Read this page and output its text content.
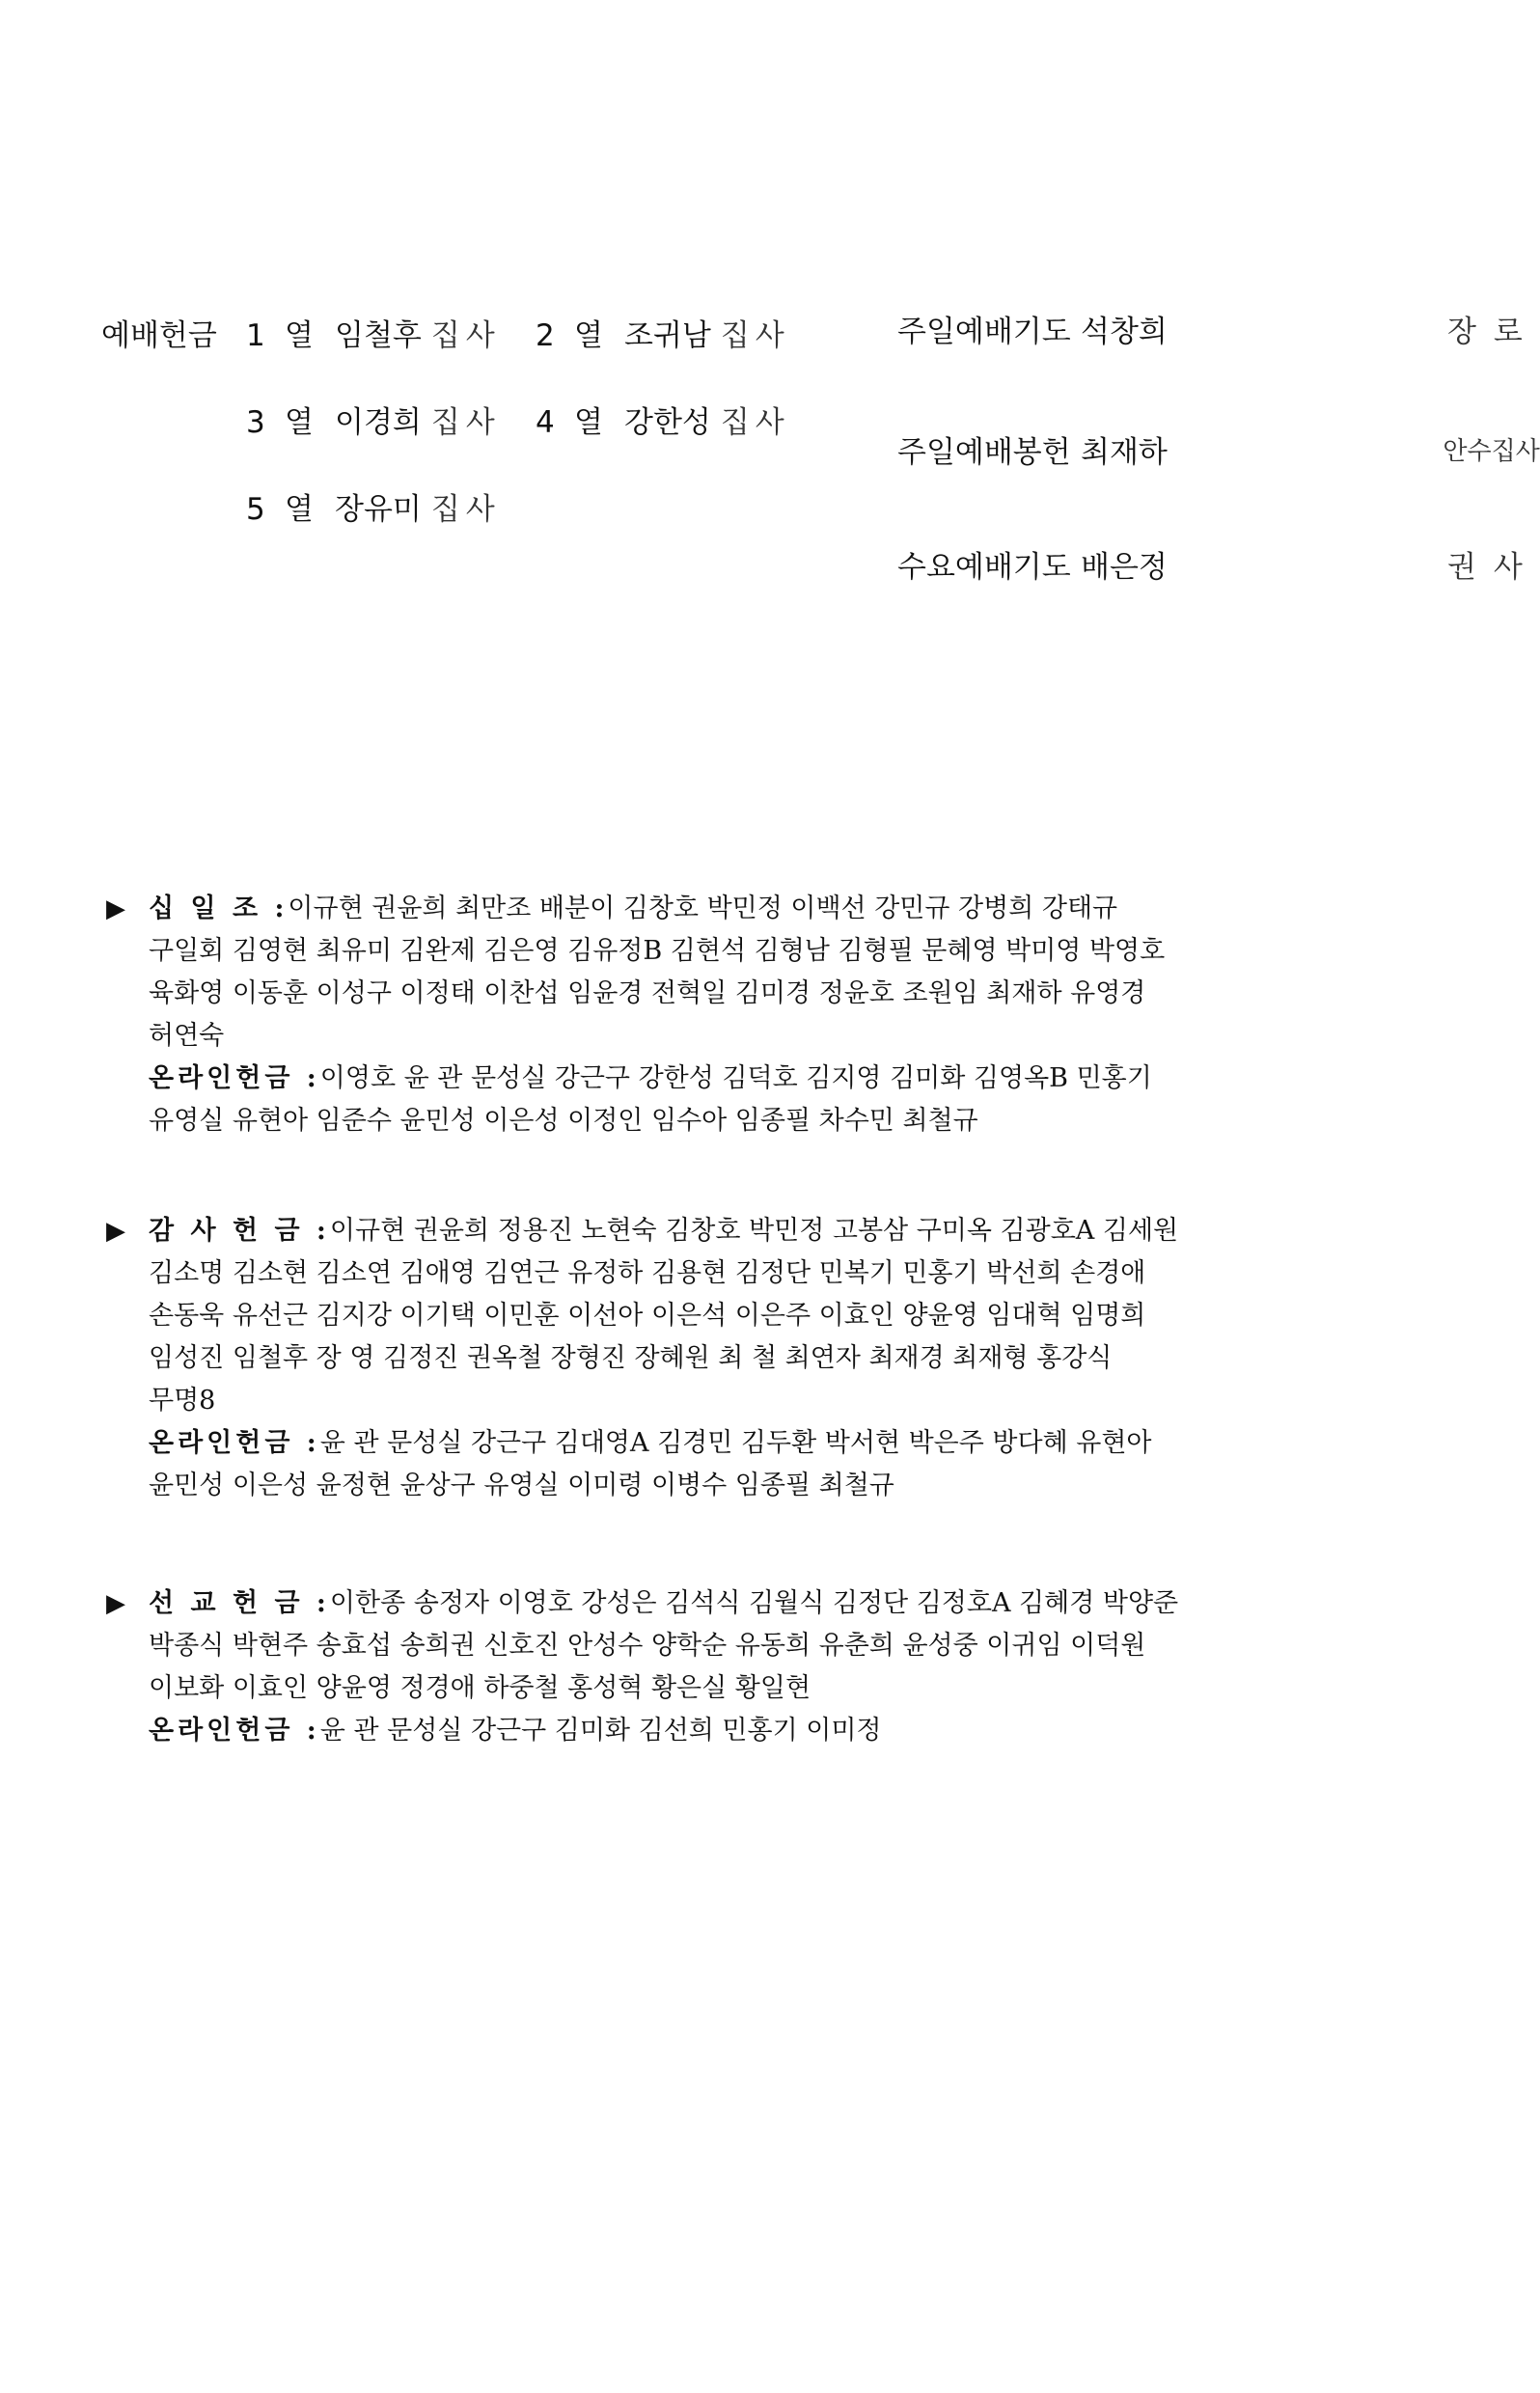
예배헌금 1 열 임철후 집사 2 열 조귀남 집사
3 열 이경희 집사 4 열 강한성 집사
5 열 장유미 집사
주일예배기도 석창희	장로
주일예배봉헌 최재하	안수집사
수요예배기도 배은정	권사
▶ 십 일 조 :이규현 권윤희 최만조 배분이 김창호 박민정 이백선 강민규 강병희 강태규
구일회 김영현 최유미 김완제 김은영 김유정B 김현석 김형남 김형필 문혜영 박미영 박영호
육화영 이동훈 이성구 이정태 이찬섭 임윤경 전혁일 김미경 정윤호 조원임 최재하 유영경
허연숙
온라인헌금 :이영호 윤 관 문성실 강근구 강한성 김덕호 김지영 김미화 김영옥B 민홍기
유영실 유현아 임준수 윤민성 이은성 이정인 임수아 임종필 차수민 최철규
▶ 감 사 헌 금 :이규현 권윤희 정용진 노현숙 김창호 박민정 고봉삼 구미옥 김광호A 김세원
김소명 김소현 김소연 김애영 김연근 유정하 김용현 김정단 민복기 민홍기 박선희 손경애
손동욱 유선근 김지강 이기택 이민훈 이선아 이은석 이은주 이효인 양윤영 임대혁 임명희
임성진 임철후 장 영 김정진 권옥철 장형진 장혜원 최 철 최연자 최재경 최재형 홍강식
무명8
온라인헌금 :윤 관 문성실 강근구 김대영A 김경민 김두환 박서현 박은주 방다혜 유현아
윤민성 이은성 윤정현 윤상구 유영실 이미령 이병수 임종필 최철규
▶ 선 교 헌 금 :이한종 송정자 이영호 강성은 김석식 김월식 김정단 김정호A 김혜경 박양준
박종식 박현주 송효섭 송희권 신호진 안성수 양학순 유동희 유춘희 윤성중 이귀임 이덕원
이보화 이효인 양윤영 정경애 하중철 홍성혁 황은실 황일현
온라인헌금 :윤 관 문성실 강근구 김미화 김선희 민홍기 이미정
